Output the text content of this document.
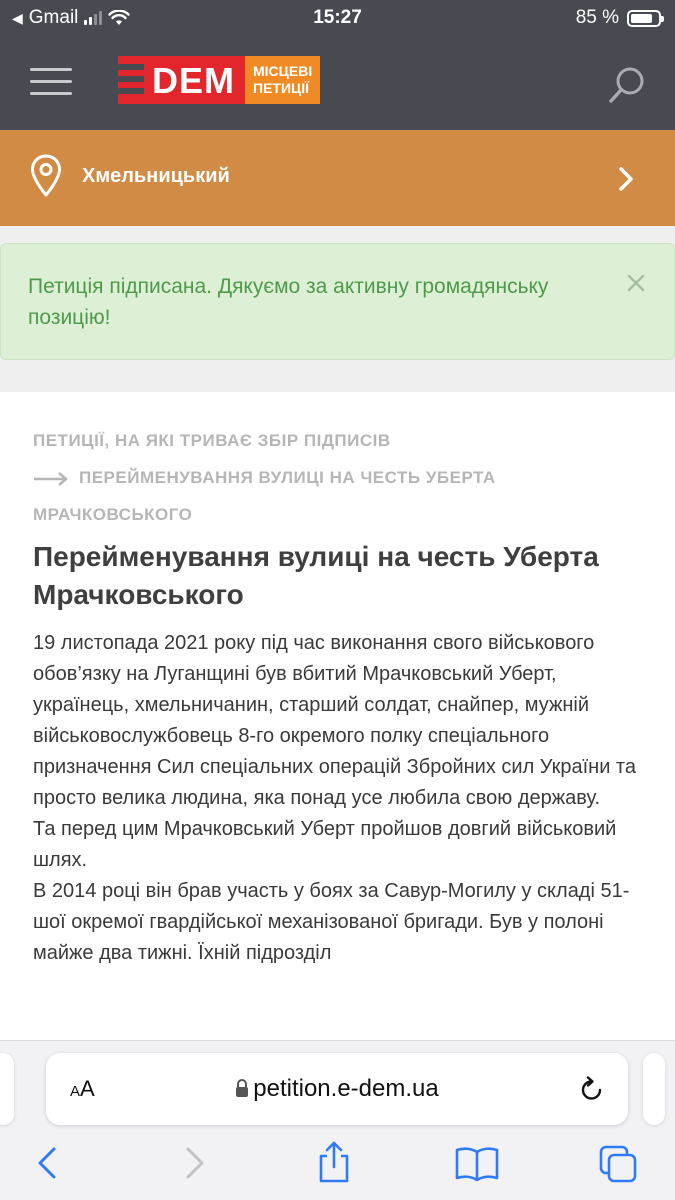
◀ Gmail	15:27	85 %
DEM	МІСЦЕВІ
ПЕТИЦІЇ
Хмельницький
Петиція підписана. Дякуємо за активну громадянську позицію!
ПЕТИЦІЇ, НА ЯКІ ТРИВАЄ ЗБІР ПІДПИСІВ
ПЕРЕЙМЕНУВАННЯ ВУЛИЦІ НА ЧЕСТЬ УБЕРТА МРАЧКОВСЬКОГО
Перейменування вулиці на честь Уберта Мрачковського

19 листопада 2021 року під час виконання свого військового обов’язку на Луганщині був вбитий Мрачковський Уберт, українець, хмельничанин, старший солдат, снайпер, мужній військовослужбовець 8-го окремого полку спеціального призначення Сил спеціальних операцій Збройних сил України та просто велика людина, яка понад усе любила свою державу.

Та перед цим Мрачковський Уберт пройшов довгий військовий шлях.

В 2014 році він брав участь у боях за Савур-Могилу у складі 51-шої окремої гвардійської механізованої бригади. Був у полоні майже два тижні. Їхній підрозділ

AA	petition.e-dem.ua
